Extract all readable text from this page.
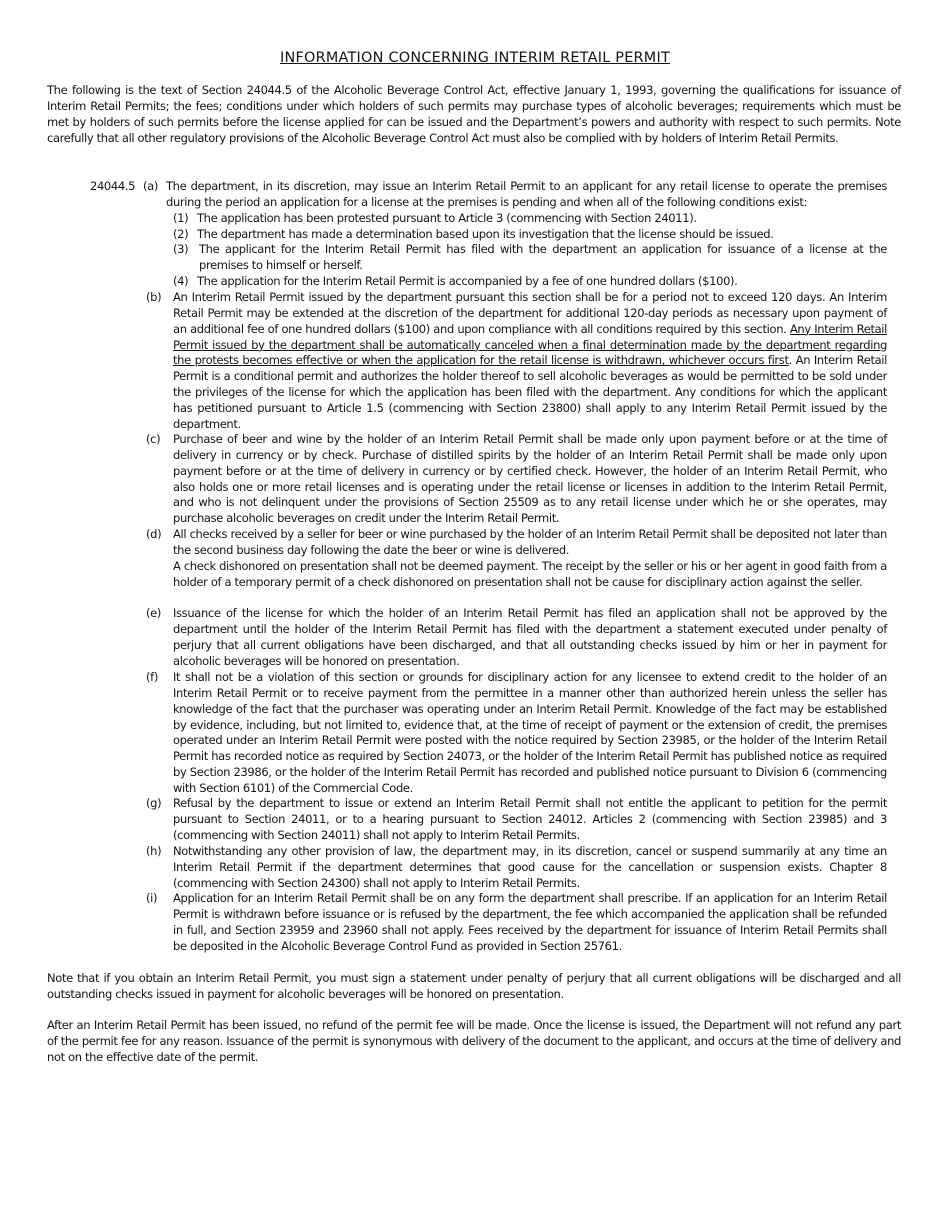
INFORMATION CONCERNING INTERIM RETAIL PERMIT

The following is the text of Section 24044.5 of the Alcoholic Beverage Control Act, effective January 1, 1993, governing the qualifications for issuance of Interim Retail Permits; the fees; conditions under which holders of such permits may purchase types of alcoholic beverages; requirements which must be met by holders of such permits before the license applied for can be issued and the Department’s powers and authority with respect to such permits. Note carefully that all other regulatory provisions of the Alcoholic Beverage Control Act must also be complied with by holders of Interim Retail Permits.

24044.5 (a) The department, in its discretion, may issue an Interim Retail Permit to an applicant for any retail license to operate the premises during the period an application for a license at the premises is pending and when all of the following conditions exist:

(1) The application has been protested pursuant to Article 3 (commencing with Section 24011).
(2) The department has made a determination based upon its investigation that the license should be issued.
(3) The applicant for the Interim Retail Permit has filed with the department an application for issuance of a license at the premises to himself or herself.
(4) The application for the Interim Retail Permit is accompanied by a fee of one hundred dollars ($100).
(b) An Interim Retail Permit issued by the department pursuant this section shall be for a period not to exceed 120 days. An Interim Retail Permit may be extended at the discretion of the department for additional 120-day periods as necessary upon payment of an additional fee of one hundred dollars ($100) and upon compliance with all conditions required by this section. Any Interim Retail Permit issued by the department shall be automatically canceled when a final determination made by the department regarding the protests becomes effective or when the application for the retail license is withdrawn, whichever occurs first. An Interim Retail Permit is a conditional permit and authorizes the holder thereof to sell alcoholic beverages as would be permitted to be sold under the privileges of the license for which the application has been filed with the department. Any conditions for which the applicant has petitioned pursuant to Article 1.5 (commencing with Section 23800) shall apply to any Interim Retail Permit issued by the department.
(c) Purchase of beer and wine by the holder of an Interim Retail Permit shall be made only upon payment before or at the time of delivery in currency or by check. Purchase of distilled spirits by the holder of an Interim Retail Permit shall be made only upon payment before or at the time of delivery in currency or by certified check. However, the holder of an Interim Retail Permit, who also holds one or more retail licenses and is operating under the retail license or licenses in addition to the Interim Retail Permit, and who is not delinquent under the provisions of Section 25509 as to any retail license under which he or she operates, may purchase alcoholic beverages on credit under the Interim Retail Permit.
(d) All checks received by a seller for beer or wine purchased by the holder of an Interim Retail Permit shall be deposited not later than the second business day following the date the beer or wine is delivered.
A check dishonored on presentation shall not be deemed payment. The receipt by the seller or his or her agent in good faith from a holder of a temporary permit of a check dishonored on presentation shall not be cause for disciplinary action against the seller.
(e) Issuance of the license for which the holder of an Interim Retail Permit has filed an application shall not be approved by the department until the holder of the Interim Retail Permit has filed with the department a statement executed under penalty of perjury that all current obligations have been discharged, and that all outstanding checks issued by him or her in payment for alcoholic beverages will be honored on presentation.
(f) It shall not be a violation of this section or grounds for disciplinary action for any licensee to extend credit to the holder of an Interim Retail Permit or to receive payment from the permittee in a manner other than authorized herein unless the seller has knowledge of the fact that the purchaser was operating under an Interim Retail Permit. Knowledge of the fact may be established by evidence, including, but not limited to, evidence that, at the time of receipt of payment or the extension of credit, the premises operated under an Interim Retail Permit were posted with the notice required by Section 23985, or the holder of the Interim Retail Permit has recorded notice as required by Section 24073, or the holder of the Interim Retail Permit has published notice as required by Section 23986, or the holder of the Interim Retail Permit has recorded and published notice pursuant to Division 6 (commencing with Section 6101) of the Commercial Code.
(g) Refusal by the department to issue or extend an Interim Retail Permit shall not entitle the applicant to petition for the permit pursuant to Section 24011, or to a hearing pursuant to Section 24012. Articles 2 (commencing with Section 23985) and 3 (commencing with Section 24011) shall not apply to Interim Retail Permits.
(h) Notwithstanding any other provision of law, the department may, in its discretion, cancel or suspend summarily at any time an Interim Retail Permit if the department determines that good cause for the cancellation or suspension exists. Chapter 8 (commencing with Section 24300) shall not apply to Interim Retail Permits.
(i) Application for an Interim Retail Permit shall be on any form the department shall prescribe. If an application for an Interim Retail Permit is withdrawn before issuance or is refused by the department, the fee which accompanied the application shall be refunded in full, and Section 23959 and 23960 shall not apply. Fees received by the department for issuance of Interim Retail Permits shall be deposited in the Alcoholic Beverage Control Fund as provided in Section 25761.

Note that if you obtain an Interim Retail Permit, you must sign a statement under penalty of perjury that all current obligations will be discharged and all outstanding checks issued in payment for alcoholic beverages will be honored on presentation.

After an Interim Retail Permit has been issued, no refund of the permit fee will be made. Once the license is issued, the Department will not refund any part of the permit fee for any reason. Issuance of the permit is synonymous with delivery of the document to the applicant, and occurs at the time of delivery and not on the effective date of the permit.
